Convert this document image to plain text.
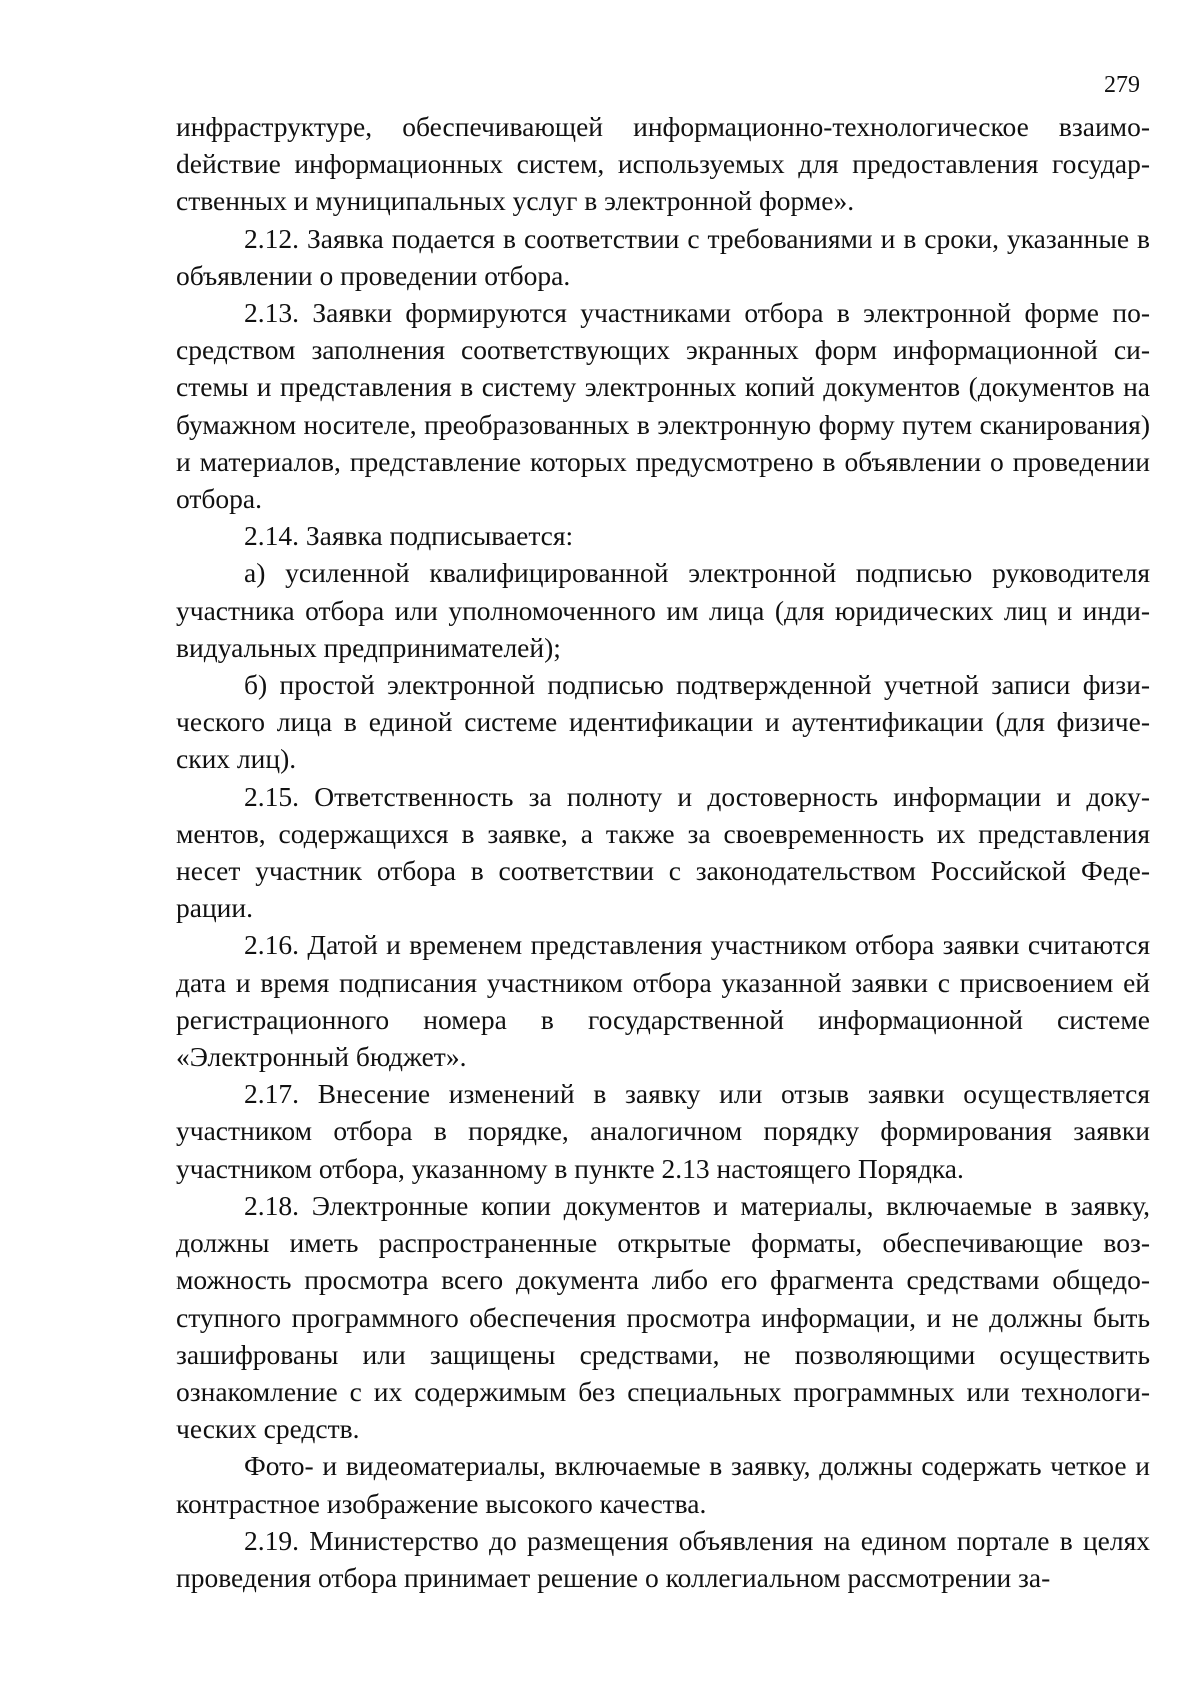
279

инфраструктуре, обеспечивающей информационно-технологическое взаимоdействие информационных систем, используемых для предоставления государственных и муниципальных услуг в электронной форме».

2.12. Заявка подается в соответствии с требованиями и в сроки, указанные в объявлении о проведении отбора.

2.13. Заявки формируются участниками отбора в электронной форме посредством заполнения соответствующих экранных форм информационной системы и представления в систему электронных копий документов (документов на бумажном носителе, преобразованных в электронную форму путем сканирования) и материалов, представление которых предусмотрено в объявлении о проведении отбора.

2.14. Заявка подписывается:

а) усиленной квалифицированной электронной подписью руководителя участника отбора или уполномоченного им лица (для юридических лиц и индивидуальных предпринимателей);

б) простой электронной подписью подтвержденной учетной записи физического лица в единой системе идентификации и аутентификации (для физических лиц).

2.15. Ответственность за полноту и достоверность информации и документов, содержащихся в заявке, а также за своевременность их представления несет участник отбора в соответствии с законодательством Российской Федерации.

2.16. Датой и временем представления участником отбора заявки считаются дата и время подписания участником отбора указанной заявки с присвоением ей регистрационного номера в государственной информационной системе «Электронный бюджет».

2.17. Внесение изменений в заявку или отзыв заявки осуществляется участником отбора в порядке, аналогичном порядку формирования заявки участником отбора, указанному в пункте 2.13 настоящего Порядка.

2.18. Электронные копии документов и материалы, включаемые в заявку, должны иметь распространенные открытые форматы, обеспечивающие возможность просмотра всего документа либо его фрагмента средствами общедоступного программного обеспечения просмотра информации, и не должны быть зашифрованы или защищены средствами, не позволяющими осуществить ознакомление с их содержимым без специальных программных или технологических средств.

Фото- и видеоматериалы, включаемые в заявку, должны содержать четкое и контрастное изображение высокого качества.

2.19. Министерство до размещения объявления на едином портале в целях проведения отбора принимает решение о коллегиальном рассмотрении за-
